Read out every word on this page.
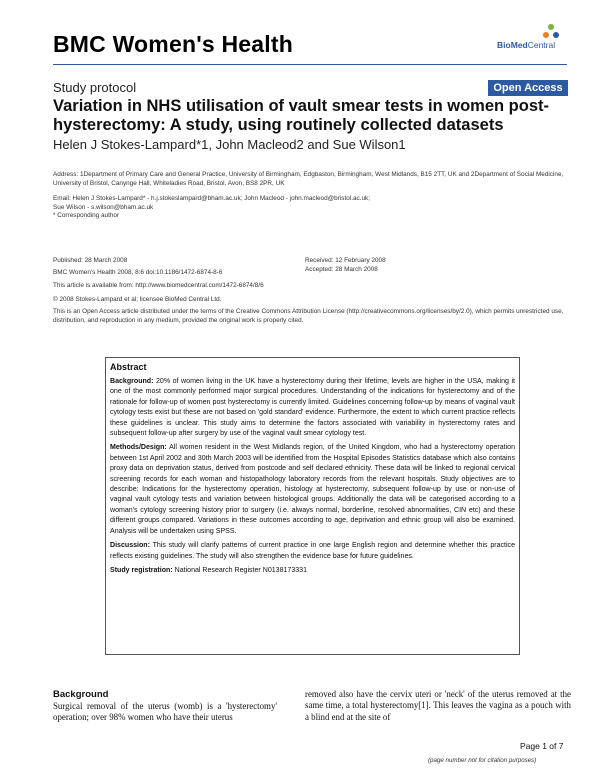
BMC Women's Health	BioMedCentral
Study protocol	Open Access
Variation in NHS utilisation of vault smear tests in women post-hysterectomy: A study, using routinely collected datasets
Helen J Stokes-Lampard*1, John Macleod2 and Sue Wilson1
Address: 1Department of Primary Care and General Practice, University of Birmingham, Edgbaston, Birmingham, West Midlands, B15 2TT, UK and 2Department of Social Medicine, University of Bristol, Canynge Hall, Whiteladies Road, Bristol, Avon, BS8 2PR, UK
Email: Helen J Stokes-Lampard* - h.j.stokeslampard@bham.ac.uk; John Macleod - john.macleod@bristol.ac.uk;
Sue Wilson - s.wilson@bham.ac.uk
* Corresponding author
Published: 28 March 2008
BMC Women's Health 2008, 8:6 doi:10.1186/1472-6874-8-6
This article is available from: http://www.biomedcentral.com/1472-6874/8/6
Received: 12 February 2008
Accepted: 28 March 2008
© 2008 Stokes-Lampard et al; licensee BioMed Central Ltd.
This is an Open Access article distributed under the terms of the Creative Commons Attribution License (http://creativecommons.org/licenses/by/2.0), which permits unrestricted use, distribution, and reproduction in any medium, provided the original work is properly cited.
Abstract

Background: 20% of women living in the UK have a hysterectomy during their lifetime, levels are higher in the USA, making it one of the most commonly performed major surgical procedures. Understanding of the indications for hysterectomy and of the rationale for follow-up of women post hysterectomy is currently limited. Guidelines concerning follow-up by means of vaginal vault cytology tests exist but these are not based on 'gold standard' evidence. Furthermore, the extent to which current practice reflects these guidelines is unclear. This study aims to determine the factors associated with variability in hysterectomy rates and subsequent follow-up after surgery by use of the vaginal vault smear cytology test.

Methods/Design: All women resident in the West Midlands region, of the United Kingdom, who had a hysterectomy operation between 1st April 2002 and 30th March 2003 will be identified from the Hospital Episodes Statistics database which also contains proxy data on deprivation status, derived from postcode and self declared ethnicity. These data will be linked to regional cervical screening records for each woman and histopathology laboratory records from the relevant hospitals. Study objectives are to describe: Indications for the hysterectomy operation, histology at hysterectomy, subsequent follow-up by use or non-use of vaginal vault cytology tests and variation between histological groups. Additionally the data will be categorised according to a woman's cytology screening history prior to surgery (i.e. always normal, borderline, resolved abnormalities, CIN etc) and these different groups compared. Variations in these outcomes according to age, deprivation and ethnic group will also be examined. Analysis will be undertaken using SPSS.

Discussion: This study will clarify patterns of current practice in one large English region and determine whether this practice reflects existing guidelines. The study will also strengthen the evidence base for future guidelines.

Study registration: National Research Register N0138173331

Background
Surgical removal of the uterus (womb) is a 'hysterectomy' operation; over 98% women who have their uterus
removed also have the cervix uteri or 'neck' of the uterus removed at the same time, a total hysterectomy[1]. This leaves the vagina as a pouch with a blind end at the site of
Page 1 of 7
(page number not for citation purposes)
